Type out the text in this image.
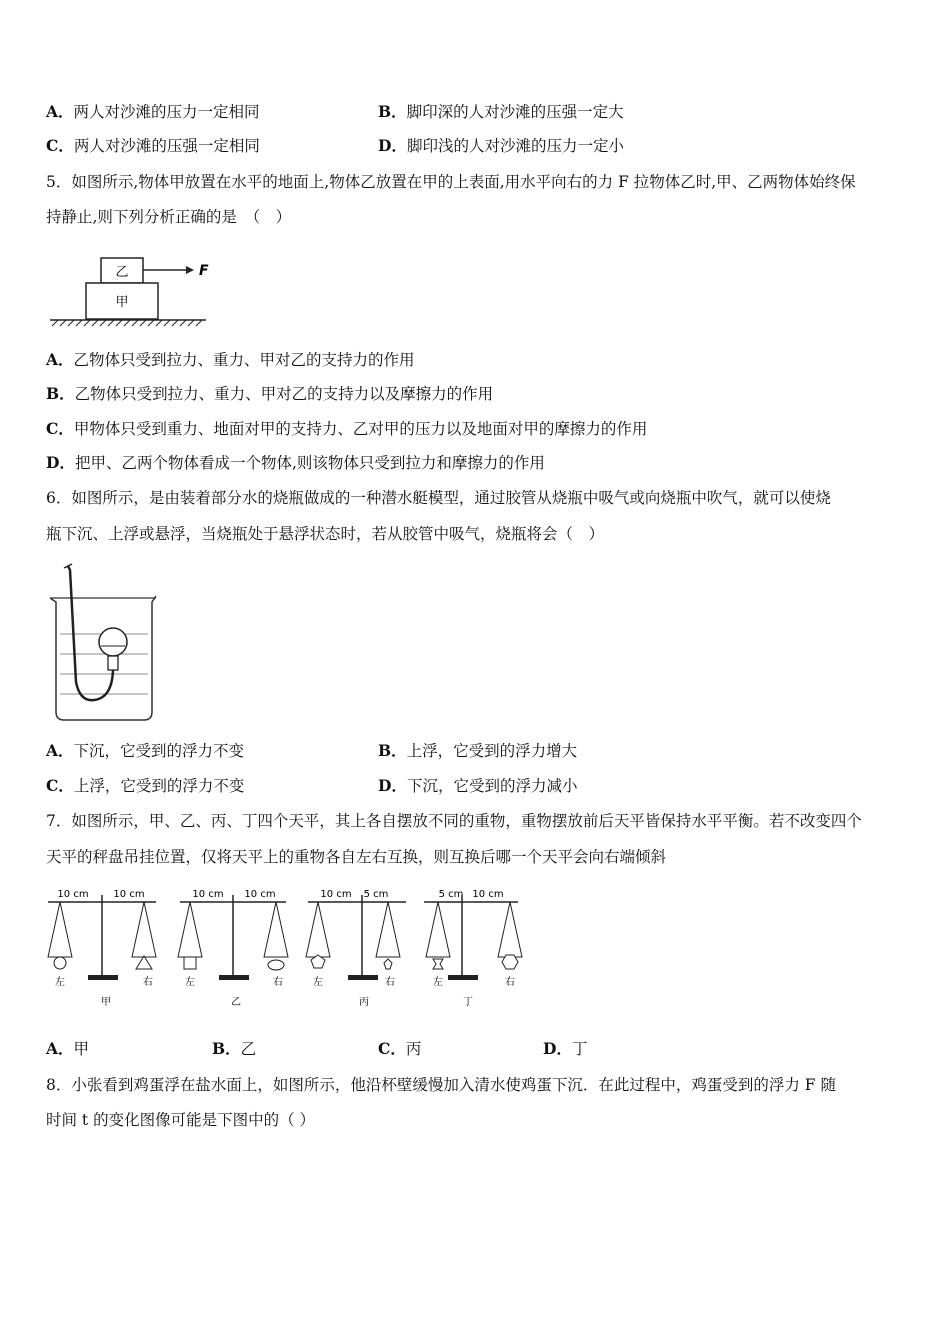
A．两人对沙滩的压力一定相同	B．脚印深的人对沙滩的压强一定大
C．两人对沙滩的压强一定相同	D．脚印浅的人对沙滩的压力一定小
5．如图所示,物体甲放置在水平的地面上,物体乙放置在甲的上表面,用水平向右的力 F 拉物体乙时,甲、乙两物体始终保
持静止,则下列分析正确的是　（　）
乙
甲
F
A．乙物体只受到拉力、重力、甲对乙的支持力的作用
B．乙物体只受到拉力、重力、甲对乙的支持力以及摩擦力的作用
C．甲物体只受到重力、地面对甲的支持力、乙对甲的压力以及地面对甲的摩擦力的作用
D．把甲、乙两个物体看成一个物体,则该物体只受到拉力和摩擦力的作用
6．如图所示，是由装着部分水的烧瓶做成的一种潜水艇模型，通过胶管从烧瓶中吸气或向烧瓶中吹气，就可以使烧
瓶下沉、上浮或悬浮，当烧瓶处于悬浮状态时，若从胶管中吸气，烧瓶将会（　）
A．下沉，它受到的浮力不变	B．上浮，它受到的浮力增大
C．上浮，它受到的浮力不变	D．下沉，它受到的浮力减小
7．如图所示，甲、乙、丙、丁四个天平，其上各自摆放不同的重物，重物摆放前后天平皆保持水平平衡。若不改变四个
天平的秤盘吊挂位置，仅将天平上的重物各自左右互换，则互换后哪一个天平会向右端倾斜
10 cm 10 cm
左	右
甲
10 cm 10 cm
左	右
乙
10 cm 5 cm
左	右
丙
5 cm 10 cm
左	右
丁
A．甲	B．乙	C．丙	D．丁
8．小张看到鸡蛋浮在盐水面上，如图所示，他沿杯壁缓慢加入清水使鸡蛋下沉．在此过程中，鸡蛋受到的浮力 F 随
时间 t 的变化图像可能是下图中的（ ）
